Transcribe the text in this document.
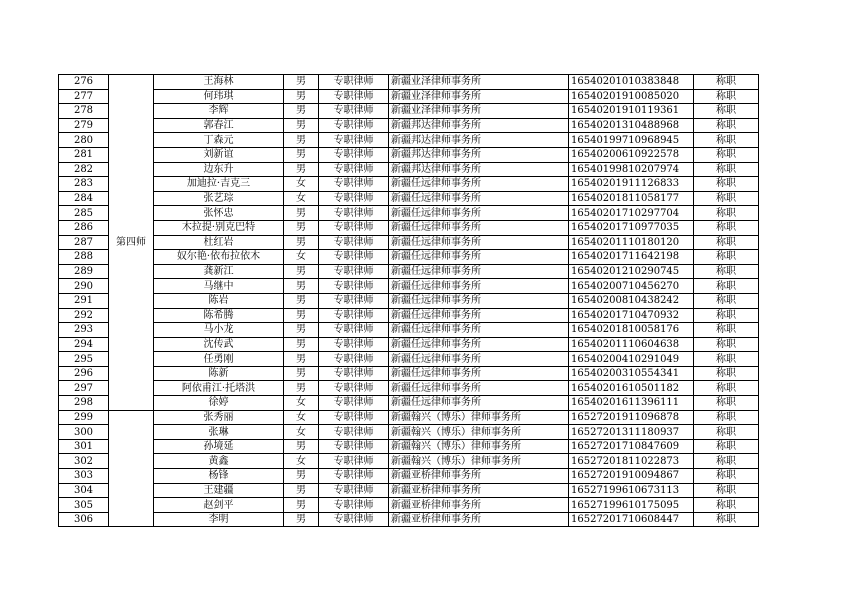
276	第四师	王海林	男	专职律师	新疆业泽律师事务所	16540201010383848	称职
277		何玮琪	男	专职律师	新疆业泽律师事务所	16540201910085020	称职
278		李辉	男	专职律师	新疆业泽律师事务所	16540201910119361	称职
279		郭春江	男	专职律师	新疆邦达律师事务所	16540201310488968	称职
280		丁森元	男	专职律师	新疆邦达律师事务所	16540199710968945	称职
281		刘新谊	男	专职律师	新疆邦达律师事务所	16540200610922578	称职
282		边东升	男	专职律师	新疆邦达律师事务所	16540199810207974	称职
283		加迪拉·吉克三	女	专职律师	新疆任远律师事务所	16540201911126833	称职
284		张艺琮	女	专职律师	新疆任远律师事务所	16540201811058177	称职
285		张怀忠	男	专职律师	新疆任远律师事务所	16540201710297704	称职
286		木拉提·别克巴特	男	专职律师	新疆任远律师事务所	16540201710977035	称职
287		杜红岩	男	专职律师	新疆任远律师事务所	16540201110180120	称职
288		奴尔艳·依布拉依木	女	专职律师	新疆任远律师事务所	16540201711642198	称职
289		龚新江	男	专职律师	新疆任远律师事务所	16540201210290745	称职
290		马继中	男	专职律师	新疆任远律师事务所	16540200710456270	称职
291		陈岩	男	专职律师	新疆任远律师事务所	16540200810438242	称职
292		陈希腾	男	专职律师	新疆任远律师事务所	16540201710470932	称职
293		马小龙	男	专职律师	新疆任远律师事务所	16540201810058176	称职
294		沈传武	男	专职律师	新疆任远律师事务所	16540201110604638	称职
295		任勇刚	男	专职律师	新疆任远律师事务所	16540200410291049	称职
296		陈新	男	专职律师	新疆任远律师事务所	16540200310554341	称职
297		阿依甫江·托塔洪	男	专职律师	新疆任远律师事务所	16540201610501182	称职
298		徐婷	女	专职律师	新疆任远律师事务所	16540201611396111	称职
299		张秀丽	女	专职律师	新疆翰兴（博乐）律师事务所	16527201911096878	称职
300		张琳	女	专职律师	新疆翰兴（博乐）律师事务所	16527201311180937	称职
301		孙境延	男	专职律师	新疆翰兴（博乐）律师事务所	16527201710847609	称职
302		黄鑫	女	专职律师	新疆翰兴（博乐）律师事务所	16527201811022873	称职
303		杨锋	男	专职律师	新疆亚桥律师事务所	16527201910094867	称职
304		王建疆	男	专职律师	新疆亚桥律师事务所	16527199610673113	称职
305		赵剑平	男	专职律师	新疆亚桥律师事务所	16527199610175095	称职
306		李明	男	专职律师	新疆亚桥律师事务所	16527201710608447	称职
